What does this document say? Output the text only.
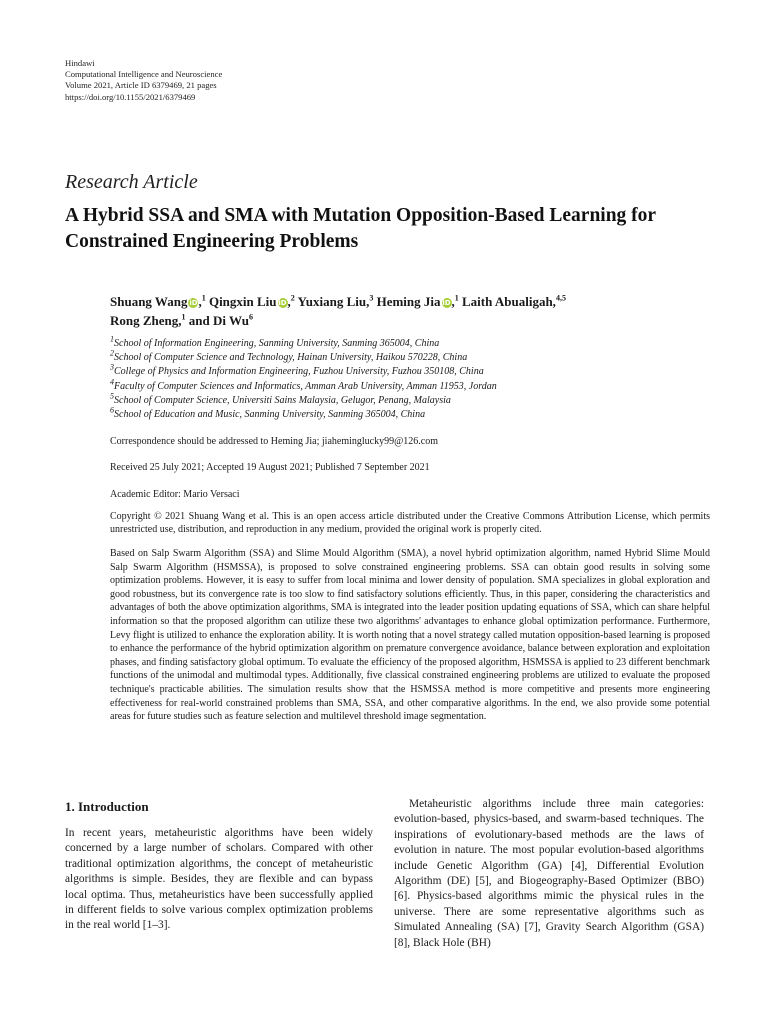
Hindawi
Computational Intelligence and Neuroscience
Volume 2021, Article ID 6379469, 21 pages
https://doi.org/10.1155/2021/6379469
Research Article
A Hybrid SSA and SMA with Mutation Opposition-Based Learning for Constrained Engineering Problems
Shuang Wang iD,$^1$ Qingxin Liu iD,$^2$ Yuxiang Liu,$^3$ Heming Jia iD,$^1$ Laith Abualigah,$^{4,5}$
Rong Zheng,$^1$ and Di Wu$^6$
$^1$School of Information Engineering, Sanming University, Sanming 365004, China
$^2$School of Computer Science and Technology, Hainan University, Haikou 570228, China
$^3$College of Physics and Information Engineering, Fuzhou University, Fuzhou 350108, China
$^4$Faculty of Computer Sciences and Informatics, Amman Arab University, Amman 11953, Jordan
$^5$School of Computer Science, Universiti Sains Malaysia, Gelugor, Penang, Malaysia
$^6$School of Education and Music, Sanming University, Sanming 365004, China
Correspondence should be addressed to Heming Jia; jiaheminglucky99@126.com
Received 25 July 2021; Accepted 19 August 2021; Published 7 September 2021
Academic Editor: Mario Versaci
Copyright © 2021 Shuang Wang et al. This is an open access article distributed under the Creative Commons Attribution License, which permits unrestricted use, distribution, and reproduction in any medium, provided the original work is properly cited.
Based on Salp Swarm Algorithm (SSA) and Slime Mould Algorithm (SMA), a novel hybrid optimization algorithm, named Hybrid Slime Mould Salp Swarm Algorithm (HSMSSA), is proposed to solve constrained engineering problems. SSA can obtain good results in solving some optimization problems. However, it is easy to suffer from local minima and lower density of population. SMA specializes in global exploration and good robustness, but its convergence rate is too slow to find satisfactory solutions efficiently. Thus, in this paper, considering the characteristics and advantages of both the above optimization algorithms, SMA is integrated into the leader position updating equations of SSA, which can share helpful information so that the proposed algorithm can utilize these two algorithms' advantages to enhance global optimization performance. Furthermore, Levy flight is utilized to enhance the exploration ability. It is worth noting that a novel strategy called mutation opposition-based learning is proposed to enhance the performance of the hybrid optimization algorithm on premature convergence avoidance, balance between exploration and exploitation phases, and finding satisfactory global optimum. To evaluate the efficiency of the proposed algorithm, HSMSSA is applied to 23 different benchmark functions of the unimodal and multimodal types. Additionally, five classical constrained engineering problems are utilized to evaluate the proposed technique's practicable abilities. The simulation results show that the HSMSSA method is more competitive and presents more engineering effectiveness for real-world constrained problems than SMA, SSA, and other comparative algorithms. In the end, we also provide some potential areas for future studies such as feature selection and multilevel threshold image segmentation.
1. Introduction
In recent years, metaheuristic algorithms have been widely concerned by a large number of scholars. Compared with other traditional optimization algorithms, the concept of metaheuristic algorithms is simple. Besides, they are flexible and can bypass local optima. Thus, metaheuristics have been successfully applied in different fields to solve various complex optimization problems in the real world [1–3].
Metaheuristic algorithms include three main categories: evolution-based, physics-based, and swarm-based techniques. The inspirations of evolutionary-based methods are the laws of evolution in nature. The most popular evolution-based algorithms include Genetic Algorithm (GA) [4], Differential Evolution Algorithm (DE) [5], and Biogeography-Based Optimizer (BBO) [6]. Physics-based algorithms mimic the physical rules in the universe. There are some representative algorithms such as Simulated Annealing (SA) [7], Gravity Search Algorithm (GSA) [8], Black Hole (BH)
